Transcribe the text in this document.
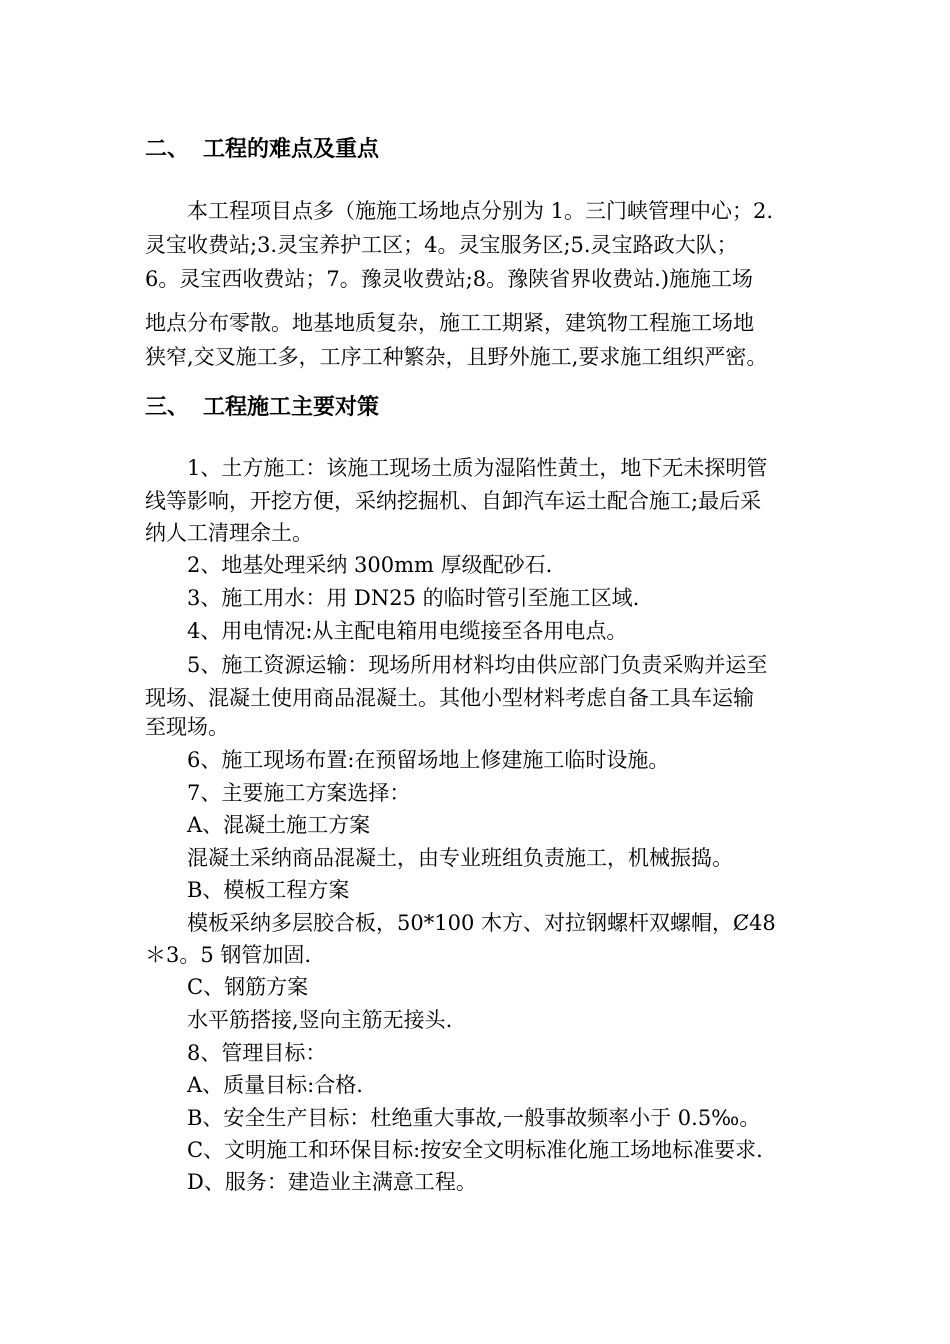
二、 工程的难点及重点
本工程项目点多（施施工场地点分别为 1。三门峡管理中心；2.
灵宝收费站;3.灵宝养护工区；4。灵宝服务区;5.灵宝路政大队；
6。灵宝西收费站；7。豫灵收费站;8。豫陕省界收费站.)施施工场
地点分布零散。地基地质复杂，施工工期紧，建筑物工程施工场地
狭窄,交叉施工多，工序工种繁杂，且野外施工,要求施工组织严密。
三、 工程施工主要对策
1、土方施工：该施工现场土质为湿陷性黄土，地下无未探明管
线等影响，开挖方便，采纳挖掘机、自卸汽车运土配合施工;最后采
纳人工清理余土。
2、地基处理采纳 300mm 厚级配砂石.
3、施工用水：用 DN25 的临时管引至施工区域.
4、用电情况:从主配电箱用电缆接至各用电点。
5、施工资源运输：现场所用材料均由供应部门负责采购并运至
现场、混凝土使用商品混凝土。其他小型材料考虑自备工具车运输
至现场。
6、施工现场布置:在预留场地上修建施工临时设施。
7、主要施工方案选择：
A、混凝土施工方案
混凝土采纳商品混凝土，由专业班组负责施工，机械振捣。
B、模板工程方案
模板采纳多层胶合板，50*100 木方、对拉钢螺杆双螺帽，Ȼ48
＊3。5 钢管加固.
C、钢筋方案
水平筋搭接,竖向主筋无接头.
8、管理目标：
A、质量目标:合格.
B、安全生产目标：杜绝重大事故,一般事故频率小于 0.5‰。
C、文明施工和环保目标:按安全文明标准化施工场地标准要求.
D、服务：建造业主满意工程。
